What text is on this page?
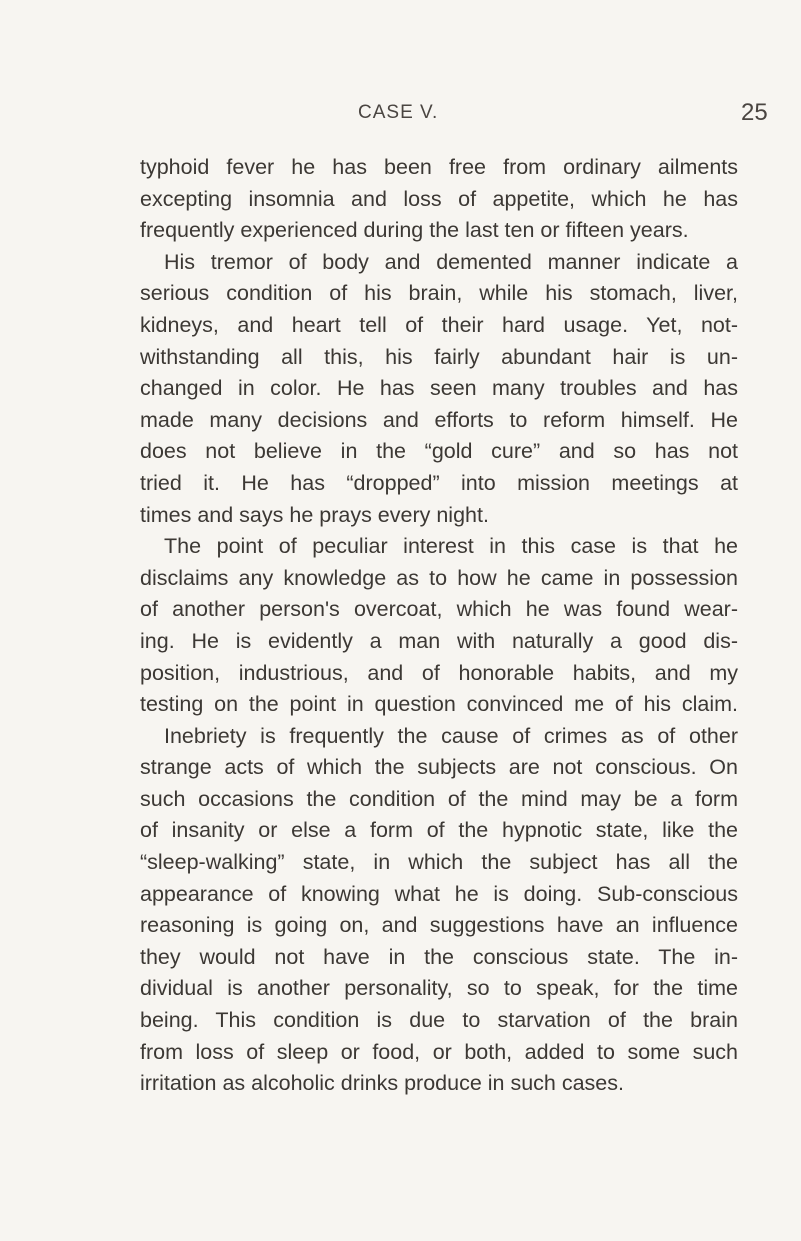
CASE V.	25
typhoid fever he has been free from ordinary ailments
excepting insomnia and loss of appetite, which he has
frequently experienced during the last ten or fifteen years.
His tremor of body and demented manner indicate a
serious condition of his brain, while his stomach, liver,
kidneys, and heart tell of their hard usage. Yet, not-
withstanding all this, his fairly abundant hair is un-
changed in color. He has seen many troubles and has
made many decisions and efforts to reform himself. He
does not believe in the “gold cure” and so has not
tried it. He has “dropped” into mission meetings at
times and says he prays every night.
The point of peculiar interest in this case is that he
disclaims any knowledge as to how he came in possession
of another person's overcoat, which he was found wear-
ing. He is evidently a man with naturally a good dis-
position, industrious, and of honorable habits, and my
testing on the point in question convinced me of his claim.
Inebriety is frequently the cause of crimes as of other
strange acts of which the subjects are not conscious. On
such occasions the condition of the mind may be a form
of insanity or else a form of the hypnotic state, like the
“sleep-walking” state, in which the subject has all the
appearance of knowing what he is doing. Sub-conscious
reasoning is going on, and suggestions have an influence
they would not have in the conscious state. The in-
dividual is another personality, so to speak, for the time
being. This condition is due to starvation of the brain
from loss of sleep or food, or both, added to some such
irritation as alcoholic drinks produce in such cases.
